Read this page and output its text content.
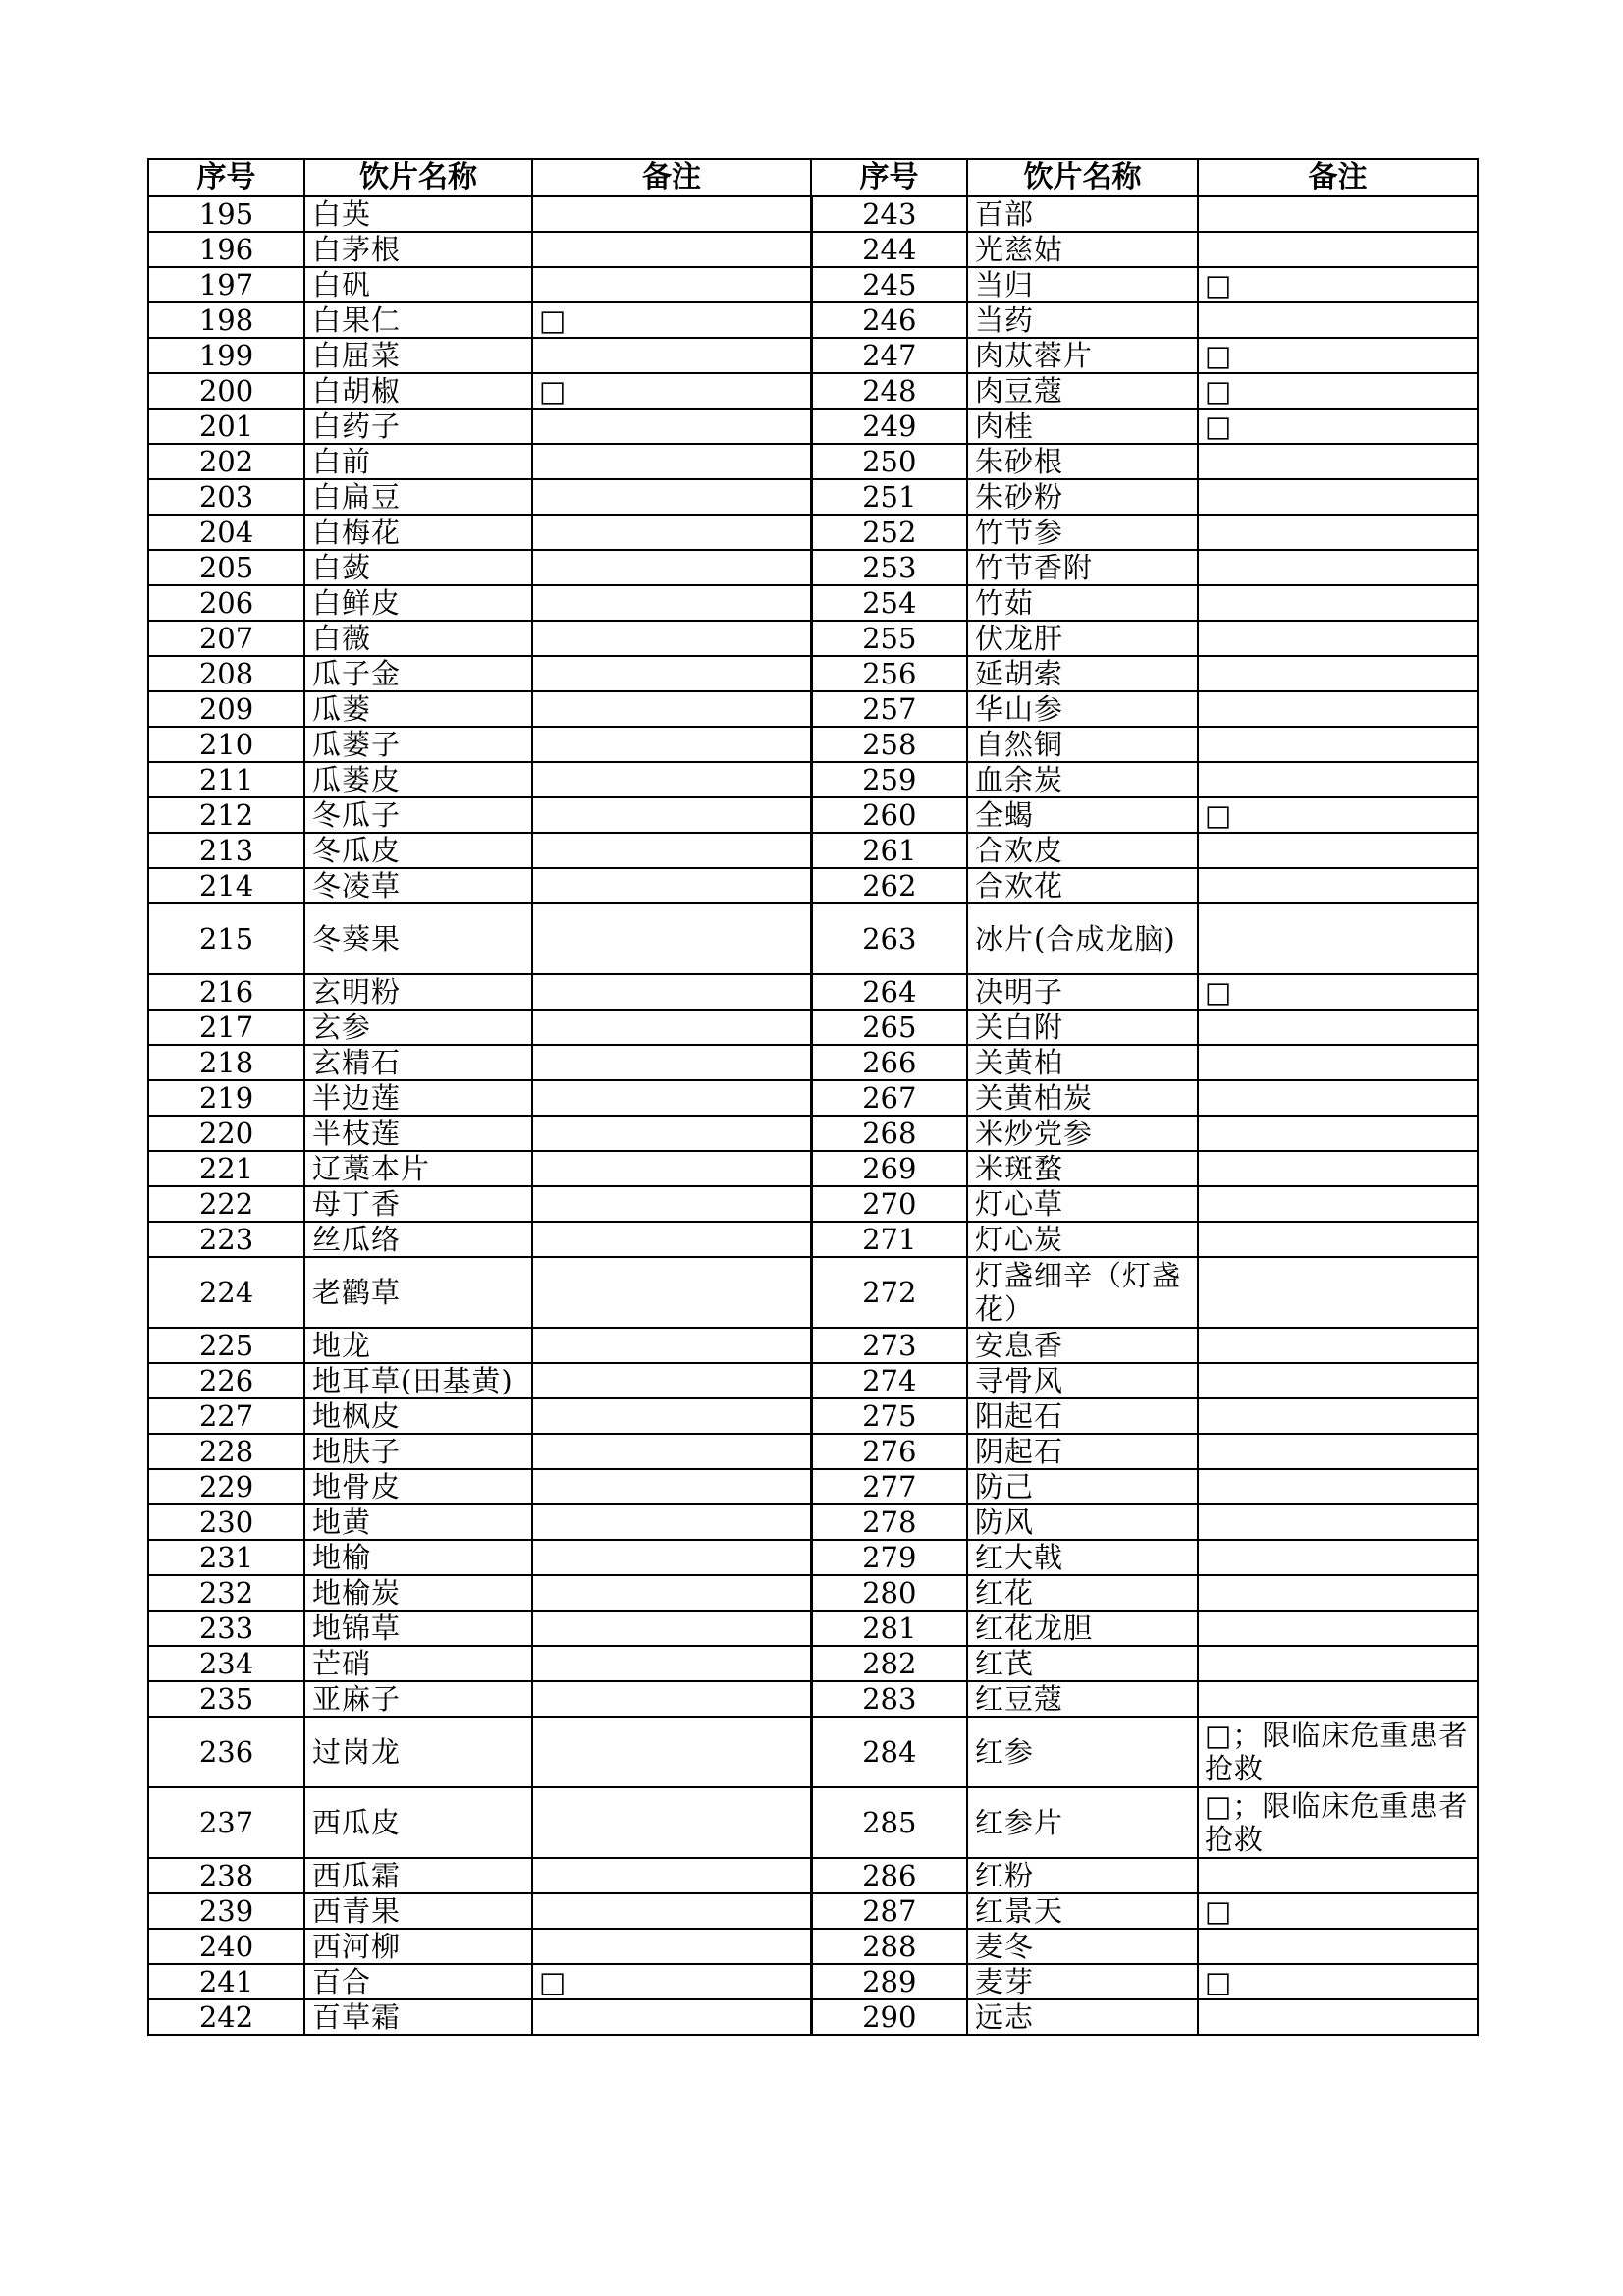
序号	饮片名称	备注	序号	饮片名称	备注
195	白英		243	百部	
196	白茅根		244	光慈姑	
197	白矾		245	当归	□
198	白果仁	□	246	当药	
199	白屈菜		247	肉苁蓉片	□
200	白胡椒	□	248	肉豆蔻	□
201	白药子		249	肉桂	□
202	白前		250	朱砂根	
203	白扁豆		251	朱砂粉	
204	白梅花		252	竹节参	
205	白蔹		253	竹节香附	
206	白鲜皮		254	竹茹	
207	白薇		255	伏龙肝	
208	瓜子金		256	延胡索	
209	瓜蒌		257	华山参	
210	瓜蒌子		258	自然铜	
211	瓜蒌皮		259	血余炭	
212	冬瓜子		260	全蝎	□
213	冬瓜皮		261	合欢皮	
214	冬凌草		262	合欢花	
215	冬葵果		263	冰片(合成龙脑)	
216	玄明粉		264	决明子	□
217	玄参		265	关白附	
218	玄精石		266	关黄柏	
219	半边莲		267	关黄柏炭	
220	半枝莲		268	米炒党参	
221	辽藁本片		269	米斑蝥	
222	母丁香		270	灯心草	
223	丝瓜络		271	灯心炭	
224	老鹳草		272	灯盏细辛（灯盏花）	
225	地龙		273	安息香	
226	地耳草(田基黄)		274	寻骨风	
227	地枫皮		275	阳起石	
228	地肤子		276	阴起石	
229	地骨皮		277	防己	
230	地黄		278	防风	
231	地榆		279	红大戟	
232	地榆炭		280	红花	
233	地锦草		281	红花龙胆	
234	芒硝		282	红芪	
235	亚麻子		283	红豆蔻	
236	过岗龙		284	红参	□；限临床危重患者抢救
237	西瓜皮		285	红参片	□；限临床危重患者抢救
238	西瓜霜		286	红粉	
239	西青果		287	红景天	□
240	西河柳		288	麦冬	
241	百合	□	289	麦芽	□
242	百草霜		290	远志	
